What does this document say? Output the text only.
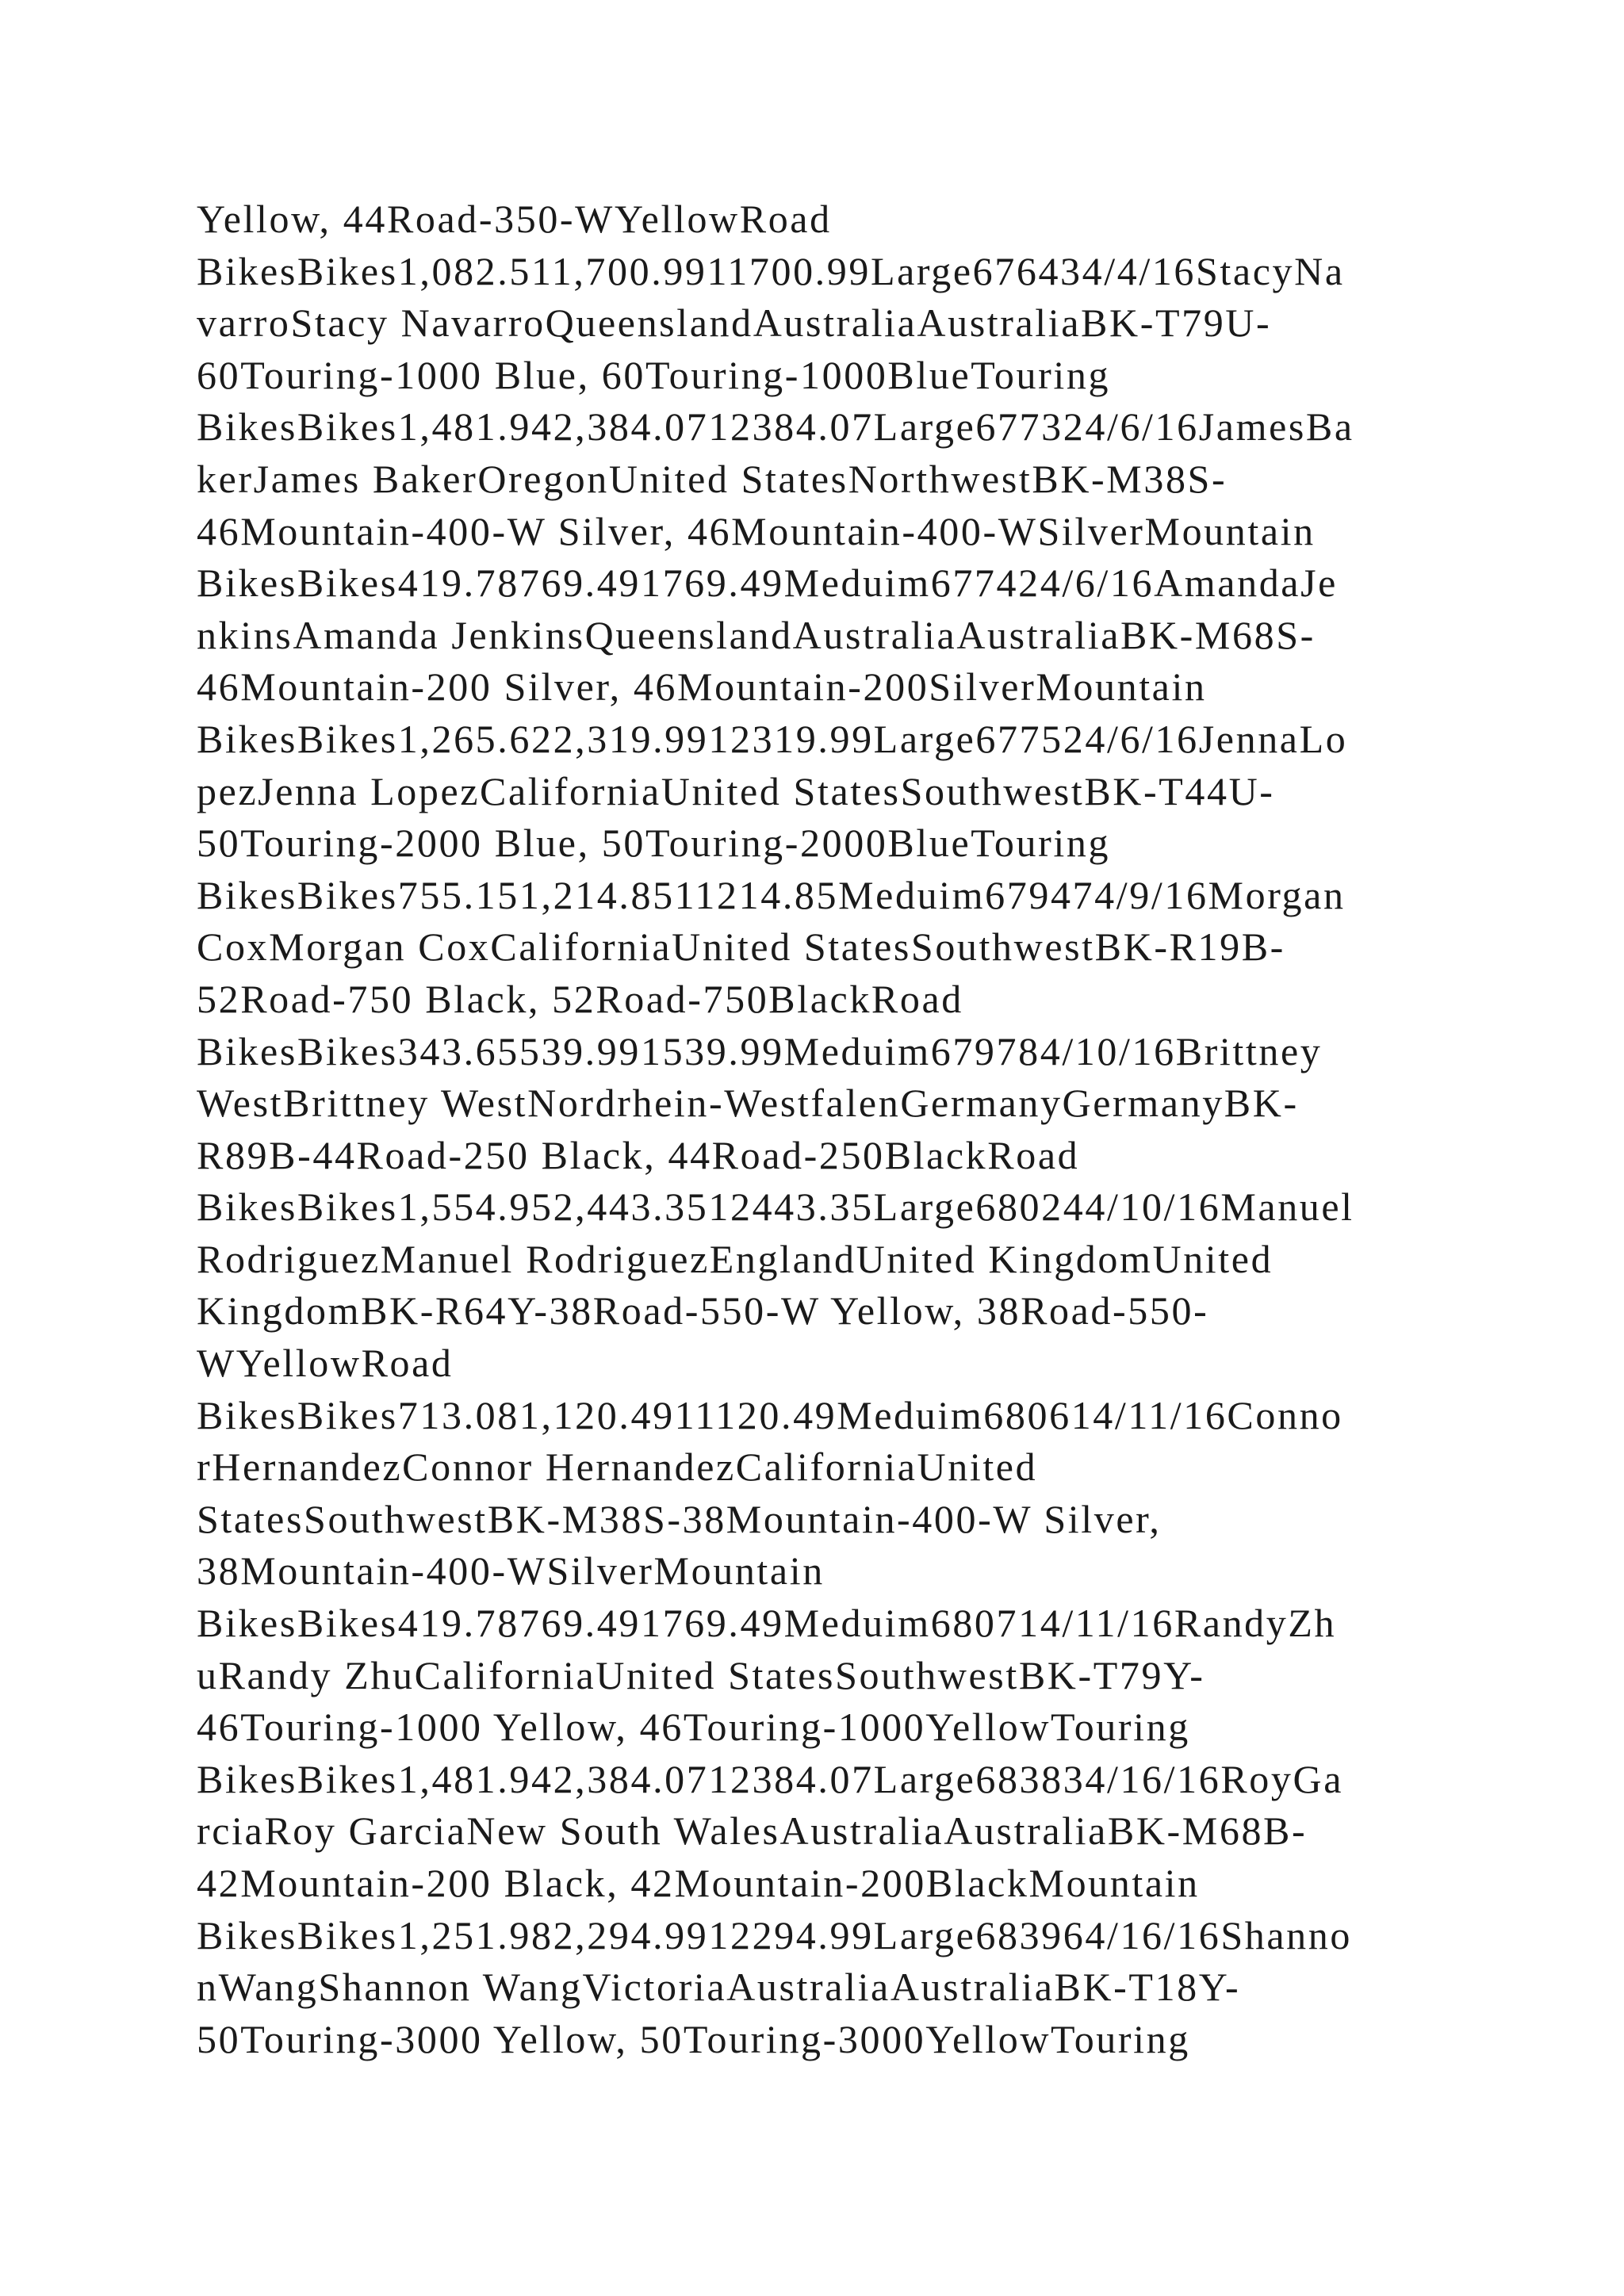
Yellow, 44Road-350-WYellowRoad
BikesBikes1,082.511,700.9911700.99Large676434/4/16StacyNa
varroStacy NavarroQueenslandAustraliaAustraliaBK-T79U-
60Touring-1000 Blue, 60Touring-1000BlueTouring
BikesBikes1,481.942,384.0712384.07Large677324/6/16JamesBa
kerJames BakerOregonUnited StatesNorthwestBK-M38S-
46Mountain-400-W Silver, 46Mountain-400-WSilverMountain
BikesBikes419.78769.491769.49Meduim677424/6/16AmandaJe
nkinsAmanda JenkinsQueenslandAustraliaAustraliaBK-M68S-
46Mountain-200 Silver, 46Mountain-200SilverMountain
BikesBikes1,265.622,319.9912319.99Large677524/6/16JennaLo
pezJenna LopezCaliforniaUnited StatesSouthwestBK-T44U-
50Touring-2000 Blue, 50Touring-2000BlueTouring
BikesBikes755.151,214.8511214.85Meduim679474/9/16Morgan
CoxMorgan CoxCaliforniaUnited StatesSouthwestBK-R19B-
52Road-750 Black, 52Road-750BlackRoad
BikesBikes343.65539.991539.99Meduim679784/10/16Brittney
WestBrittney WestNordrhein-WestfalenGermanyGermanyBK-
R89B-44Road-250 Black, 44Road-250BlackRoad
BikesBikes1,554.952,443.3512443.35Large680244/10/16Manuel
RodriguezManuel RodriguezEnglandUnited KingdomUnited
KingdomBK-R64Y-38Road-550-W Yellow, 38Road-550-
WYellowRoad
BikesBikes713.081,120.4911120.49Meduim680614/11/16Conno
rHernandezConnor HernandezCaliforniaUnited
StatesSouthwestBK-M38S-38Mountain-400-W Silver,
38Mountain-400-WSilverMountain
BikesBikes419.78769.491769.49Meduim680714/11/16RandyZh
uRandy ZhuCaliforniaUnited StatesSouthwestBK-T79Y-
46Touring-1000 Yellow, 46Touring-1000YellowTouring
BikesBikes1,481.942,384.0712384.07Large683834/16/16RoyGa
rciaRoy GarciaNew South WalesAustraliaAustraliaBK-M68B-
42Mountain-200 Black, 42Mountain-200BlackMountain
BikesBikes1,251.982,294.9912294.99Large683964/16/16Shanno
nWangShannon WangVictoriaAustraliaAustraliaBK-T18Y-
50Touring-3000 Yellow, 50Touring-3000YellowTouring
